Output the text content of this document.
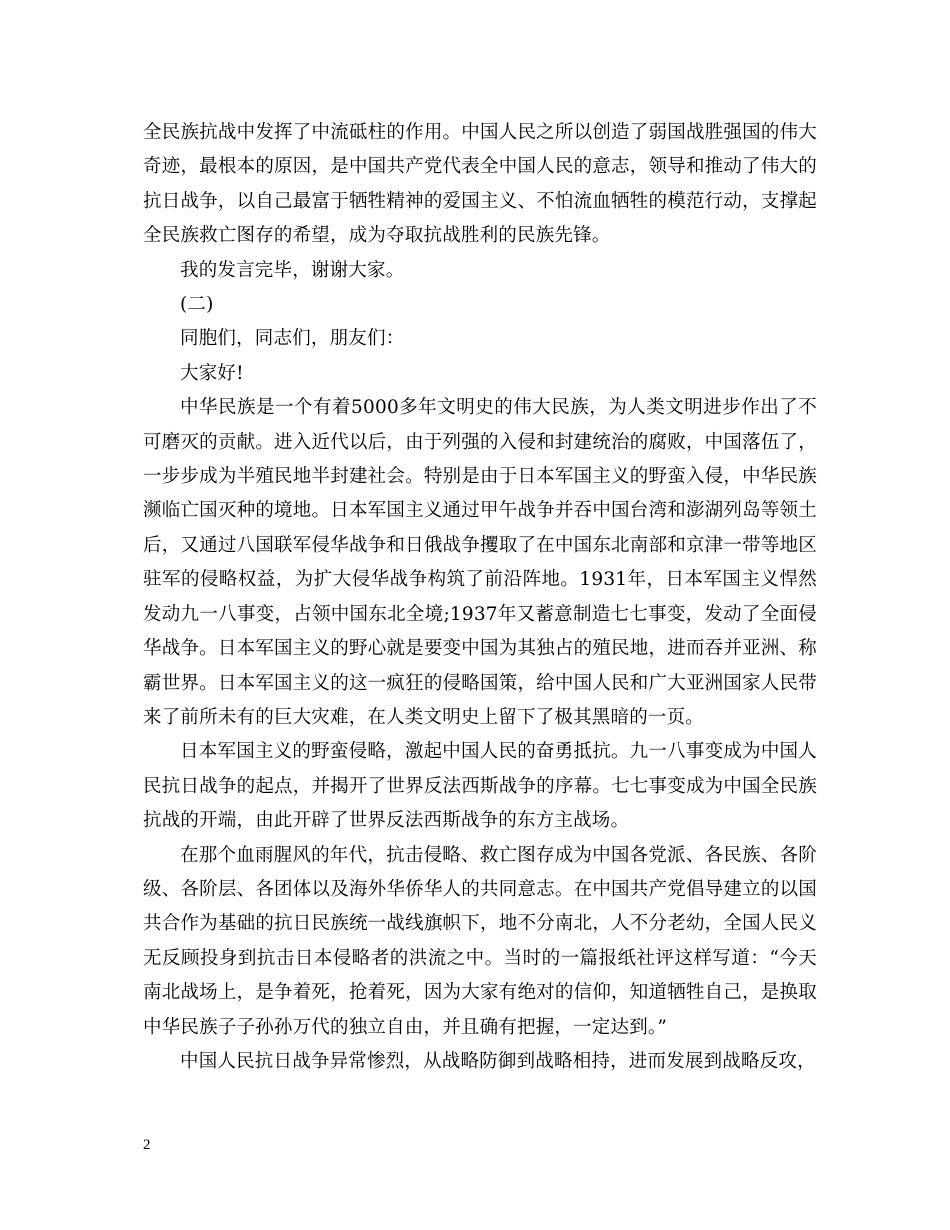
全民族抗战中发挥了中流砥柱的作用。中国人民之所以创造了弱国战胜强国的伟大奇迹，最根本的原因，是中国共产党代表全中国人民的意志，领导和推动了伟大的抗日战争，以自己最富于牺牲精神的爱国主义、不怕流血牺牲的模范行动，支撑起全民族救亡图存的希望，成为夺取抗战胜利的民族先锋。

我的发言完毕，谢谢大家。

(二)

同胞们，同志们，朋友们：

大家好!

中华民族是一个有着5000多年文明史的伟大民族，为人类文明进步作出了不可磨灭的贡献。进入近代以后，由于列强的入侵和封建统治的腐败，中国落伍了，一步步成为半殖民地半封建社会。特别是由于日本军国主义的野蛮入侵，中华民族濒临亡国灭种的境地。日本军国主义通过甲午战争并吞中国台湾和澎湖列岛等领土后，又通过八国联军侵华战争和日俄战争攫取了在中国东北南部和京津一带等地区驻军的侵略权益，为扩大侵华战争构筑了前沿阵地。1931年，日本军国主义悍然发动九一八事变，占领中国东北全境;1937年又蓄意制造七七事变，发动了全面侵华战争。日本军国主义的野心就是要变中国为其独占的殖民地，进而吞并亚洲、称霸世界。日本军国主义的这一疯狂的侵略国策，给中国人民和广大亚洲国家人民带来了前所未有的巨大灾难，在人类文明史上留下了极其黑暗的一页。

日本军国主义的野蛮侵略，激起中国人民的奋勇抵抗。九一八事变成为中国人民抗日战争的起点，并揭开了世界反法西斯战争的序幕。七七事变成为中国全民族抗战的开端，由此开辟了世界反法西斯战争的东方主战场。

在那个血雨腥风的年代，抗击侵略、救亡图存成为中国各党派、各民族、各阶级、各阶层、各团体以及海外华侨华人的共同意志。在中国共产党倡导建立的以国共合作为基础的抗日民族统一战线旗帜下，地不分南北，人不分老幼，全国人民义无反顾投身到抗击日本侵略者的洪流之中。当时的一篇报纸社评这样写道：“今天南北战场上，是争着死，抢着死，因为大家有绝对的信仰，知道牺牲自己，是换取中华民族子子孙孙万代的独立自由，并且确有把握，一定达到。”

中国人民抗日战争异常惨烈，从战略防御到战略相持，进而发展到战略反攻，

2
